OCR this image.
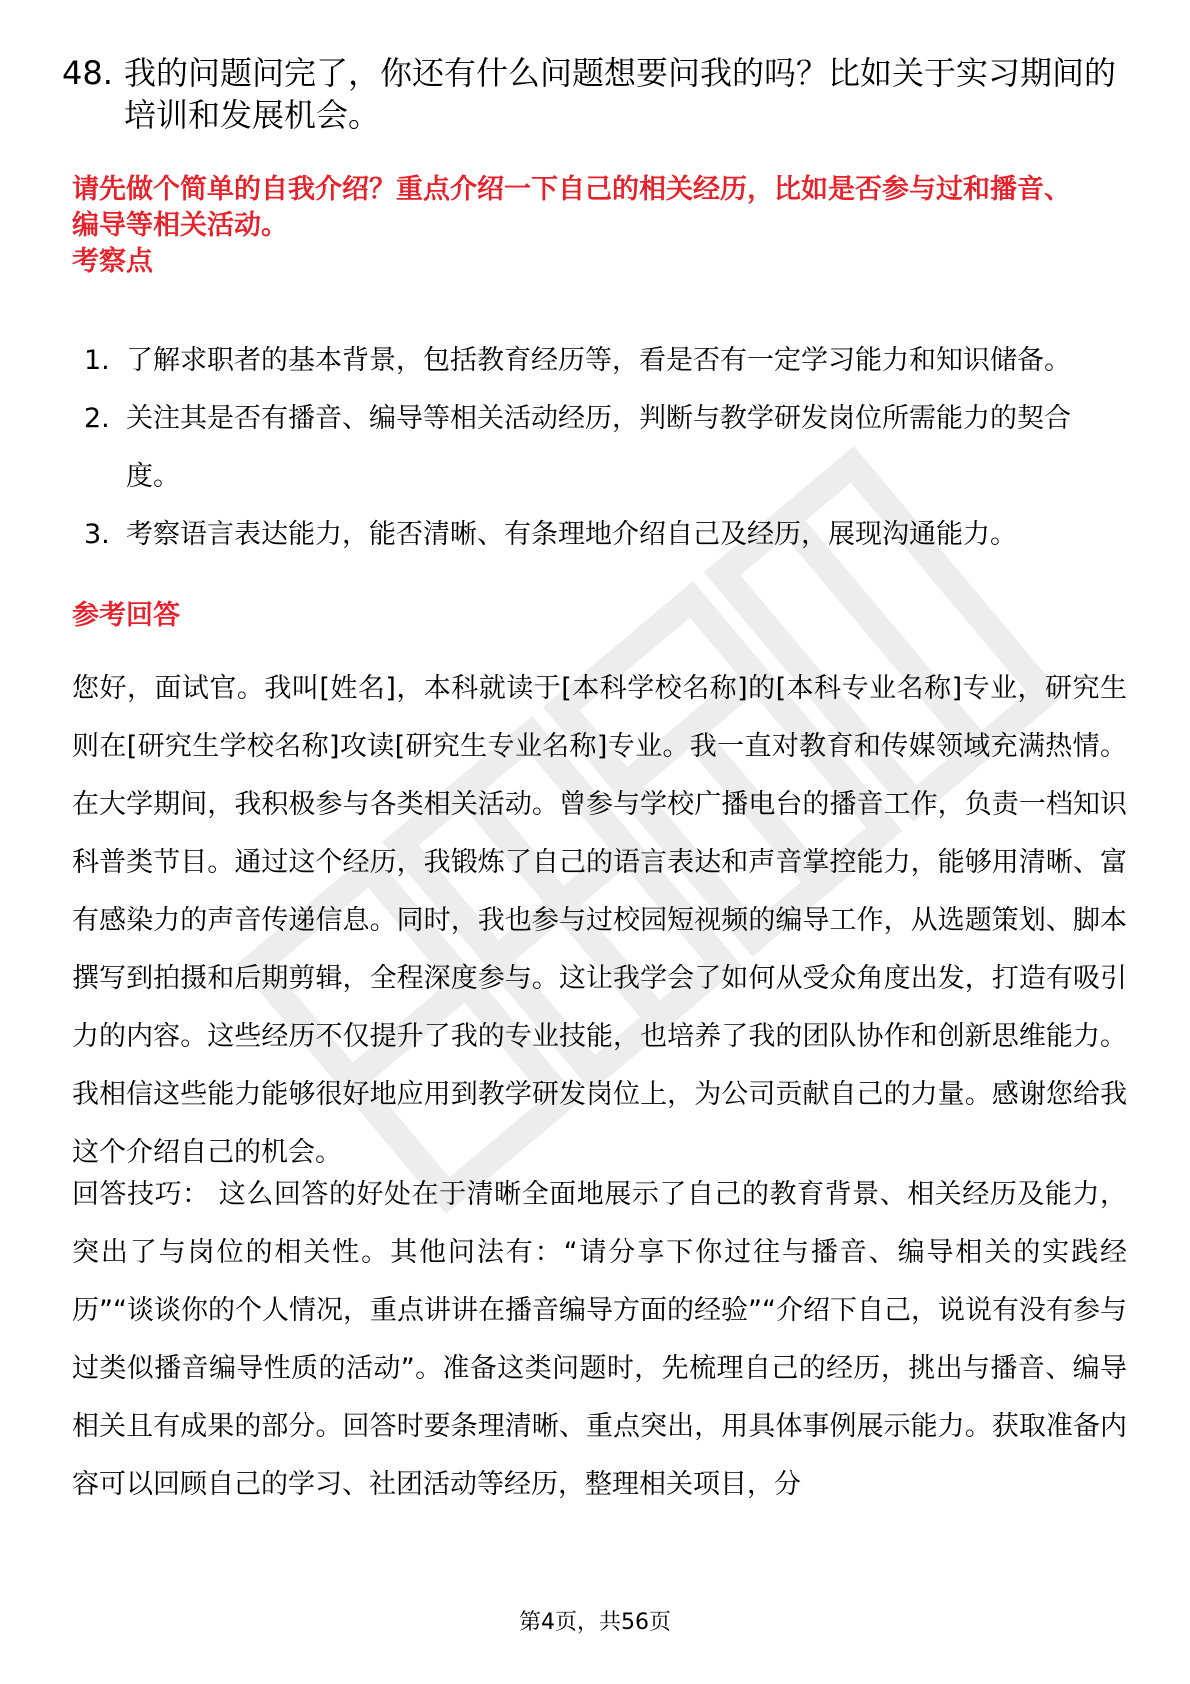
48. 我的问题问完了，你还有什么问题想要问我的吗？比如关于实习期间的培训和发展机会。
请先做个简单的自我介绍？重点介绍一下自己的相关经历，比如是否参与过和播音、编导等相关活动。
考察点
1. 了解求职者的基本背景，包括教育经历等，看是否有一定学习能力和知识储备。
2. 关注其是否有播音、编导等相关活动经历，判断与教学研发岗位所需能力的契合度。
3. 考察语言表达能力，能否清晰、有条理地介绍自己及经历，展现沟通能力。
参考回答
您好，面试官。我叫[姓名]，本科就读于[本科学校名称]的[本科专业名称]专业，研究生则在[研究生学校名称]攻读[研究生专业名称]专业。我一直对教育和传媒领域充满热情。在大学期间，我积极参与各类相关活动。曾参与学校广播电台的播音工作，负责一档知识科普类节目。通过这个经历，我锻炼了自己的语言表达和声音掌控能力，能够用清晰、富有感染力的声音传递信息。同时，我也参与过校园短视频的编导工作，从选题策划、脚本撰写到拍摄和后期剪辑，全程深度参与。这让我学会了如何从受众角度出发，打造有吸引力的内容。这些经历不仅提升了我的专业技能，也培养了我的团队协作和创新思维能力。我相信这些能力能够很好地应用到教学研发岗位上，为公司贡献自己的力量。感谢您给我这个介绍自己的机会。
回答技巧： 这么回答的好处在于清晰全面地展示了自己的教育背景、相关经历及能力，突出了与岗位的相关性。其他问法有：“请分享下你过往与播音、编导相关的实践经历”“谈谈你的个人情况，重点讲讲在播音编导方面的经验”“介绍下自己，说说有没有参与过类似播音编导性质的活动”。准备这类问题时，先梳理自己的经历，挑出与播音、编导相关且有成果的部分。回答时要条理清晰、重点突出，用具体事例展示能力。获取准备内容可以回顾自己的学习、社团活动等经历，整理相关项目，分
第4页，共56页
